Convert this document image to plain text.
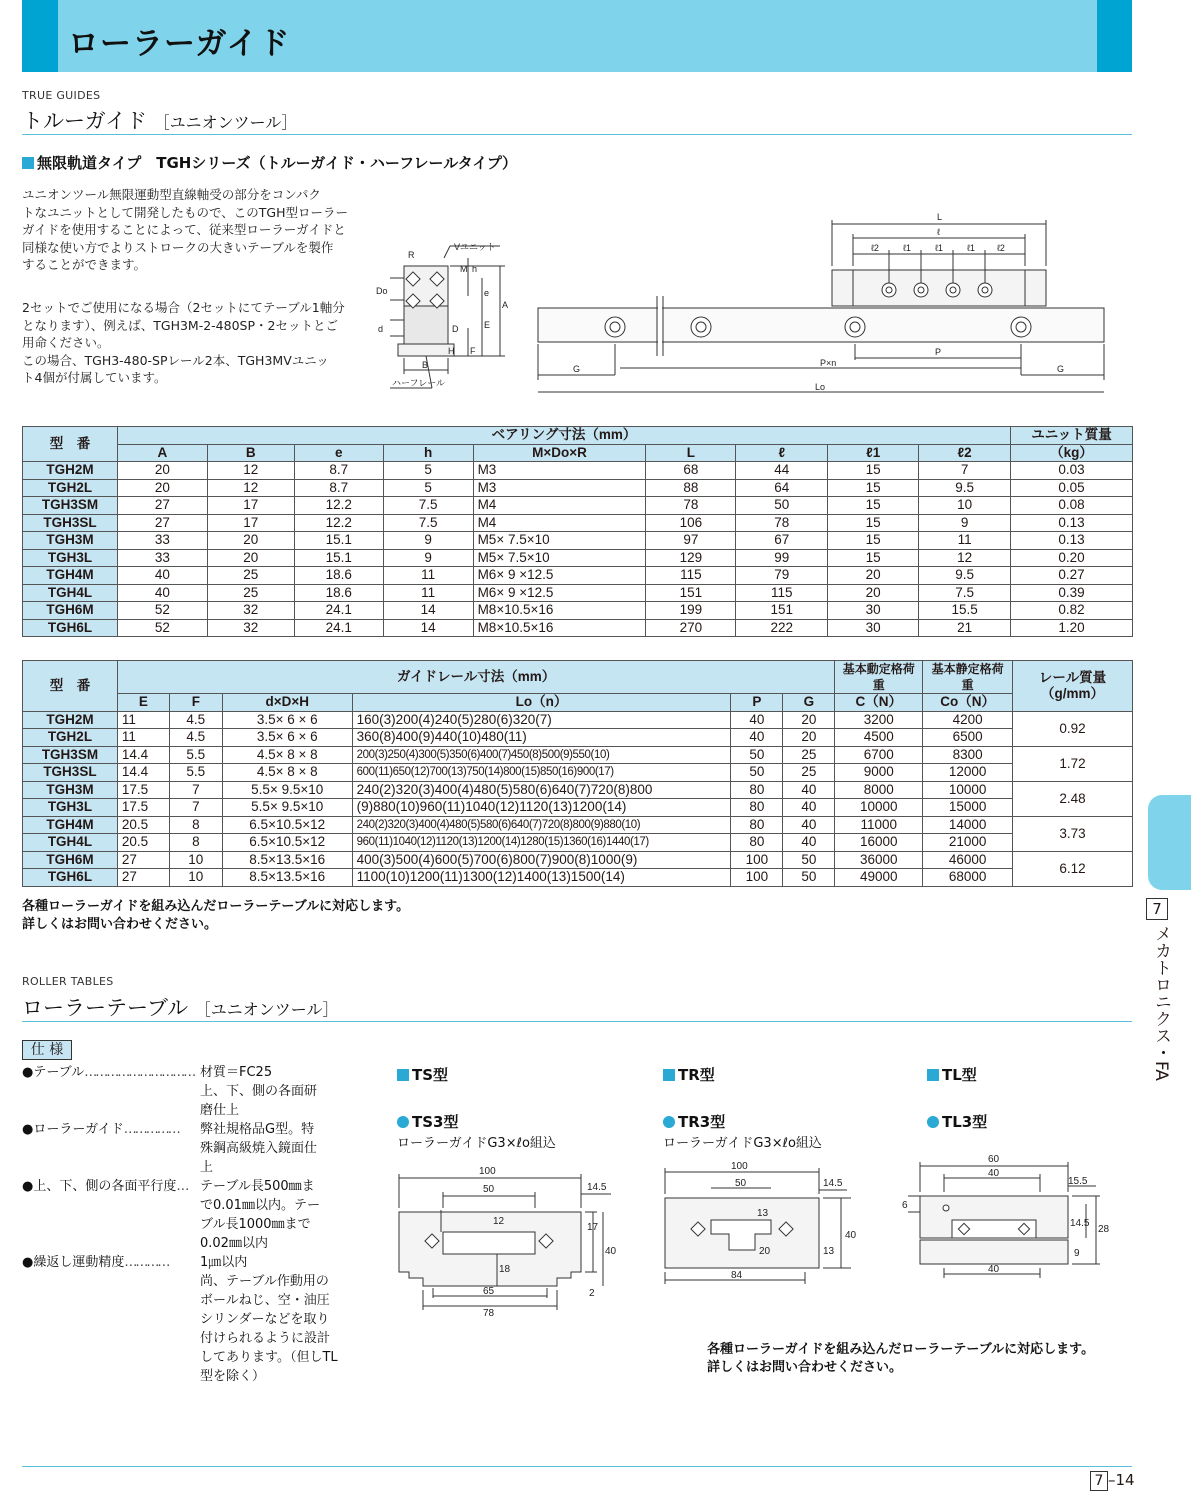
ローラーガイド
TRUE GUIDES
トルーガイド ［ユニオンツール］
無限軌道タイプ　TGHシリーズ（トルーガイド・ハーフレールタイプ）
ユニオンツール無限運動型直線軸受の部分をコンパク
トなユニットとして開発したもので、このTGH型ローラー
ガイドを使用することによって、従来型ローラーガイドと
同様な使い方でよりストロークの大きいテーブルを製作
することができます。
2セットでご使用になる場合（2セットにてテーブル1軸分
となります）、例えば、TGH3M-2-480SP・2セットとご
用命ください。
この場合、TGH3-480-SPレール2本、TGH3MVユニッ
ト4個が付属しています。
R
Vユニット
M h
e
A
Do
d	D	E
H F
B
ハーフレール
L
ℓ
ℓ2	ℓ1	ℓ1	ℓ1 ℓ2
P
P×n
G	G
Lo
型　番	ベアリング寸法（mm）									ユニット質量
	A	B	e	h	M×Do×R	L	ℓ	ℓ1	ℓ2	（kg）
TGH2M	20	12	8.7	5	M3	68	44	15	7	0.03
TGH2L	20	12	8.7	5	M3	88	64	15	9.5	0.05
TGH3SM	27	17	12.2	7.5	M4	78	50	15	10	0.08
TGH3SL	27	17	12.2	7.5	M4	106	78	15	9	0.13
TGH3M	33	20	15.1	9	M5× 7.5×10	97	67	15	11	0.13
TGH3L	33	20	15.1	9	M5× 7.5×10	129	99	15	12	0.20
TGH4M	40	25	18.6	11	M6× 9 ×12.5	115	79	20	9.5	0.27
TGH4L	40	25	18.6	11	M6× 9 ×12.5	151	115	20	7.5	0.39
TGH6M	52	32	24.1	14	M8×10.5×16	199	151	30	15.5	0.82
TGH6L	52	32	24.1	14	M8×10.5×16	270	222	30	21	1.20
型　番	ガイドレール寸法（mm）						基本動定格荷重	基本静定格荷重	レール質量
（g/mm）

	E	F	d×D×H	Lo（n）	P	G	C（N）	Co（N）	
TGH2M	11	4.5	3.5× 6 × 6	160(3)200(4)240(5)280(6)320(7)	40	20	3200	4200	0.92
TGH2L	11	4.5	3.5× 6 × 6	360(8)400(9)440(10)480(11)	40	20	4500	6500	
TGH3SM	14.4	5.5	4.5× 8 × 8	200(3)250(4)300(5)350(6)400(7)450(8)500(9)550(10)	50	25	6700	8300	1.72
TGH3SL	14.4	5.5	4.5× 8 × 8	600(11)650(12)700(13)750(14)800(15)850(16)900(17)	50	25	9000	12000	
TGH3M	17.5	7	5.5× 9.5×10	240(2)320(3)400(4)480(5)580(6)640(7)720(8)800	80	40	8000	10000	2.48
TGH3L	17.5	7	5.5× 9.5×10	(9)880(10)960(11)1040(12)1120(13)1200(14)	80	40	10000	15000	
TGH4M	20.5	8	6.5×10.5×12	240(2)320(3)400(4)480(5)580(6)640(7)720(8)800(9)880(10)	80	40	11000	14000	3.73
TGH4L	20.5	8	6.5×10.5×12	960(11)1040(12)1120(13)1200(14)1280(15)1360(16)1440(17)	80	40	16000	21000	
TGH6M	27	10	8.5×13.5×16	400(3)500(4)600(5)700(6)800(7)900(8)1000(9)	100	50	36000	46000	6.12
TGH6L	27	10	8.5×13.5×16	1100(10)1200(11)1300(12)1400(13)1500(14)	100	50	49000	68000	
各種ローラーガイドを組み込んだローラーテーブルに対応します。
詳しくはお問い合わせください。
ROLLER TABLES
ローラーテーブル ［ユニオンツール］
仕 様
●テーブル………………………… 材質＝FC25
上、下、側の各面研
磨仕上
●ローラーガイド……………	弊社規格品G型。特
殊鋼高級焼入鏡面仕
上
●上、下、側の各面平行度… テーブル長500㎜ま
で0.01㎜以内。テー
ブル長1000㎜まで
0.02㎜以内
●繰返し運動精度…………	1㎛以内
尚、テーブル作動用の
ボールねじ、空・油圧
シリンダーなどを取り
付けられるように設計
してあります。（但しTL
型を除く）
TS型	TR型	TL型
TS3型	TR3型	TL3型
ローラーガイドG3×ℓo組込	ローラーガイドG3×ℓo組込
100
50	14.5
12
17
40
18
2
65
78
100
50	14.5
13
20
40
13
84
60
40
15.5
6
14.5
28
9
40
各種ローラーガイドを組み込んだローラーテーブルに対応します。
詳しくはお問い合わせください。
7
メカトロニクス・FA
7 –14
